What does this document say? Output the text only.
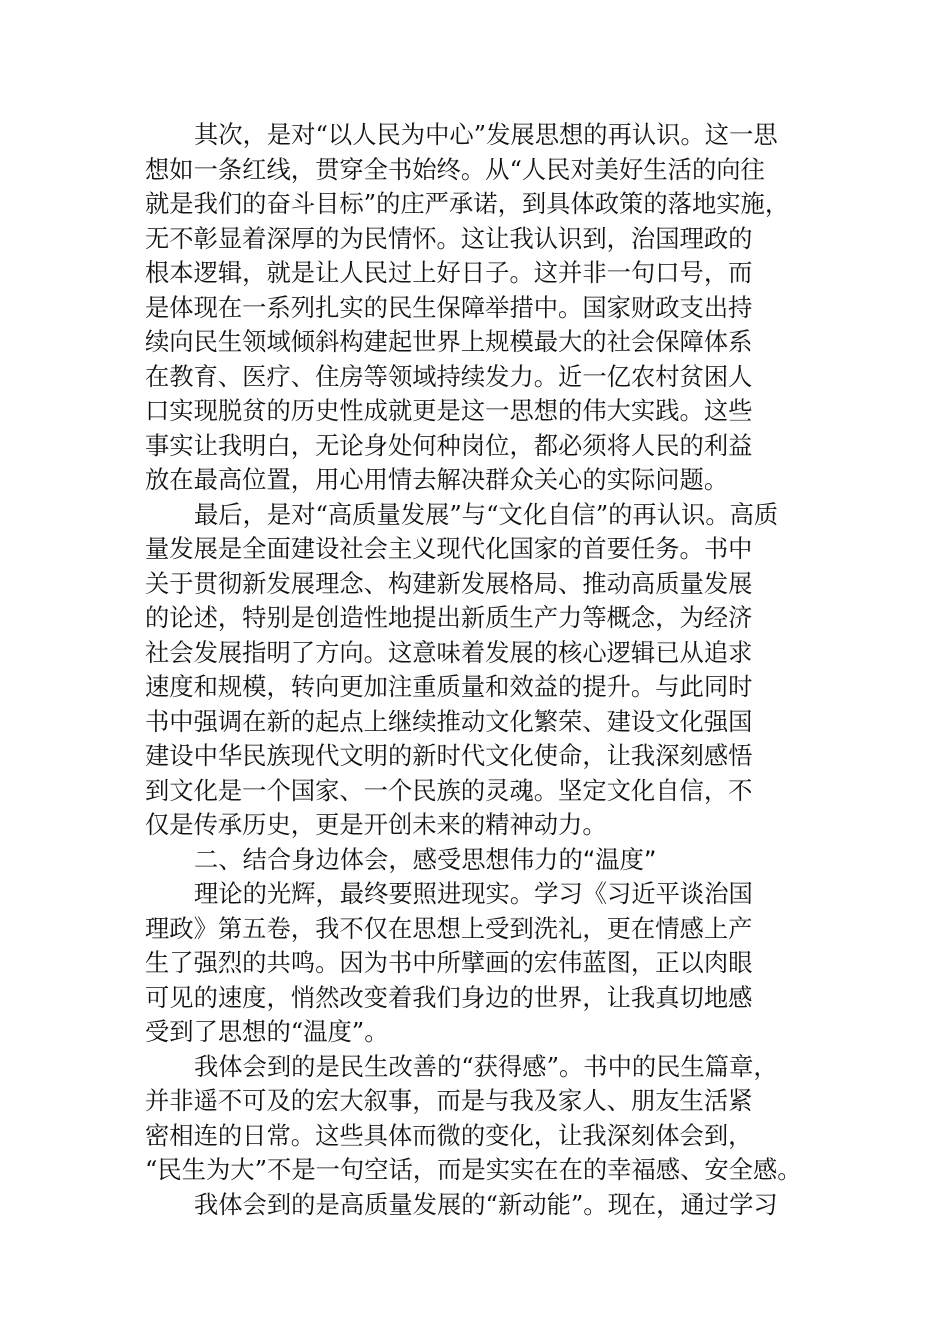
其次，是对“以人民为中心”发展思想的再认识。这一思
想如一条红线，贯穿全书始终。从“人民对美好生活的向往
就是我们的奋斗目标”的庄严承诺，到具体政策的落地实施，
无不彰显着深厚的为民情怀。这让我认识到，治国理政的
根本逻辑，就是让人民过上好日子。这并非一句口号，而
是体现在一系列扎实的民生保障举措中。国家财政支出持
续向民生领域倾斜构建起世界上规模最大的社会保障体系
在教育、医疗、住房等领域持续发力。近一亿农村贫困人
口实现脱贫的历史性成就更是这一思想的伟大实践。这些
事实让我明白，无论身处何种岗位，都必须将人民的利益
放在最高位置，用心用情去解决群众关心的实际问题。
最后，是对“高质量发展”与“文化自信”的再认识。高质
量发展是全面建设社会主义现代化国家的首要任务。书中
关于贯彻新发展理念、构建新发展格局、推动高质量发展
的论述，特别是创造性地提出新质生产力等概念，为经济
社会发展指明了方向。这意味着发展的核心逻辑已从追求
速度和规模，转向更加注重质量和效益的提升。与此同时
书中强调在新的起点上继续推动文化繁荣、建设文化强国
建设中华民族现代文明的新时代文化使命，让我深刻感悟
到文化是一个国家、一个民族的灵魂。坚定文化自信，不
仅是传承历史，更是开创未来的精神动力。
二、结合身边体会，感受思想伟力的“温度”
理论的光辉，最终要照进现实。学习《习近平谈治国
理政》第五卷，我不仅在思想上受到洗礼，更在情感上产
生了强烈的共鸣。因为书中所擘画的宏伟蓝图，正以肉眼
可见的速度，悄然改变着我们身边的世界，让我真切地感
受到了思想的“温度”。
我体会到的是民生改善的“获得感”。书中的民生篇章，
并非遥不可及的宏大叙事，而是与我及家人、朋友生活紧
密相连的日常。这些具体而微的变化，让我深刻体会到，
“民生为大”不是一句空话，而是实实在在的幸福感、安全感。
我体会到的是高质量发展的“新动能”。现在，通过学习
